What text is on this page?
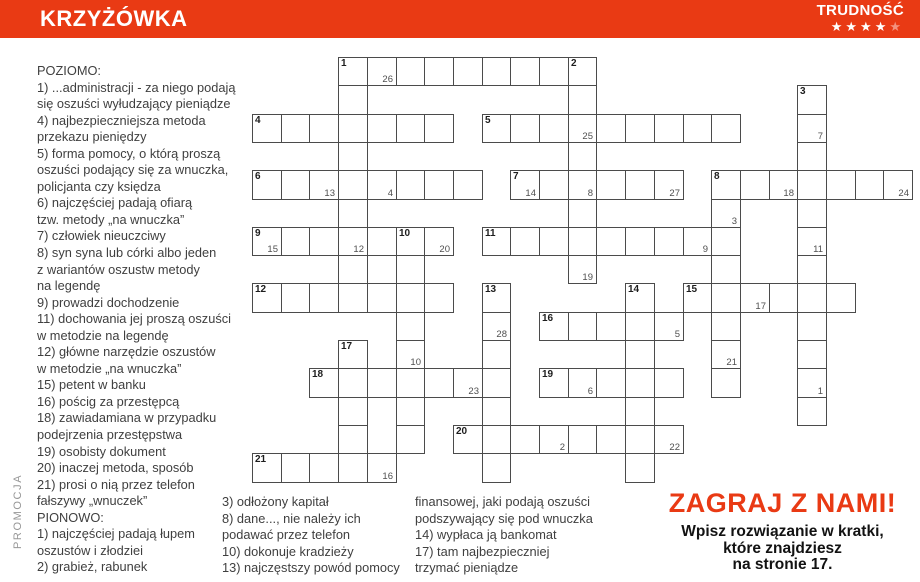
KRZYŻÓWKA	TRUDNOŚĆ
★★★★★
PROMOCJA
POZIOMO:
1) ...administracji - za niego podają
się oszuści wyłudzający pieniądze
4) najbezpieczniejsza metoda
przekazu pieniędzy
5) forma pomocy, o którą proszą
oszuści podający się za wnuczka,
policjanta czy księdza
6) najczęściej padają ofiarą
tzw. metody „na wnuczka”
7) człowiek nieuczciwy
8) syn syna lub córki albo jeden
z wariantów oszustw metody
na legendę
9) prowadzi dochodzenie
11) dochowania jej proszą oszuści
w metodzie na legendę
12) główne narzędzie oszustów
w metodzie „na wnuczka”
15) petent w banku
16) pościg za przestępcą
18) zawiadamiana w przypadku
podejrzenia przestępstwa
19) osobisty dokument
20) inaczej metoda, sposób
21) prosi o nią przez telefon
fałszywy „wnuczek”
PIONOWO:
1) najczęściej padają łupem
oszustów i złodziei
2) grabież, rabunek
3) odłożony kapitał
8) dane..., nie należy ich
podawać przez telefon
10) dokonuje kradzieży
13) najczęstszy powód pomocy
finansowej, jaki podają oszuści
podszywający się pod wnuczka
14) wypłaca ją bankomat
17) tam najbezpieczniej
trzymać pieniądze
ZAGRAJ Z NAMI!
Wpisz rozwiązanie w kratki,
które znajdziesz
na stronie 17.
1
26
2
12
25
8
19
3
7
11
1
4	5
6
13	4
7
14	27
8
18	24
3
21
9
15
10
20
10
11
9
12	13
28
14	15
17
16
5
17
18
23
19
6
20
2	22
21
16
